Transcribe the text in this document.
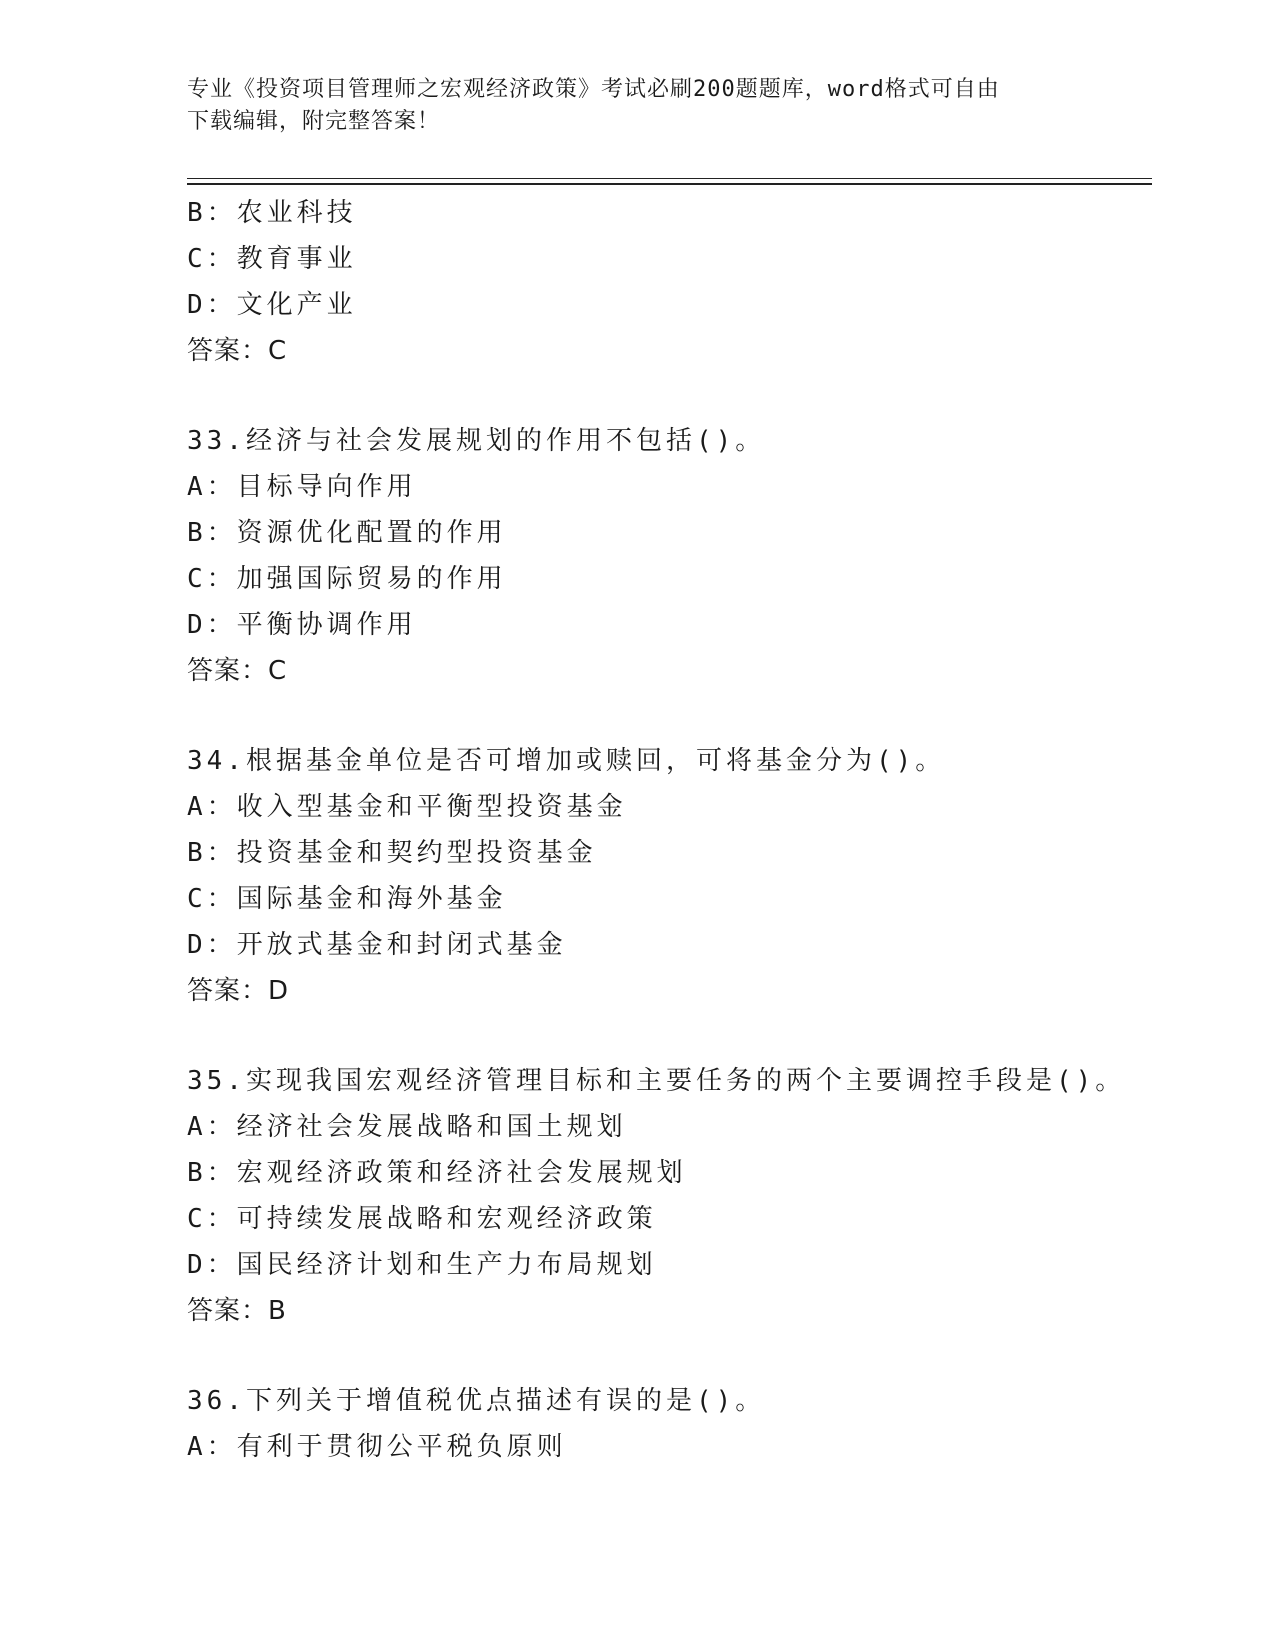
专业《投资项目管理师之宏观经济政策》考试必刷200题题库，word格式可自由
下载编辑，附完整答案！
B：农业科技
C：教育事业
D：文化产业
答案：C
33.经济与社会发展规划的作用不包括()。
A：目标导向作用
B：资源优化配置的作用
C：加强国际贸易的作用
D：平衡协调作用
答案：C
34.根据基金单位是否可增加或赎回，可将基金分为()。
A：收入型基金和平衡型投资基金
B：投资基金和契约型投资基金
C：国际基金和海外基金
D：开放式基金和封闭式基金
答案：D
35.实现我国宏观经济管理目标和主要任务的两个主要调控手段是()。
A：经济社会发展战略和国土规划
B：宏观经济政策和经济社会发展规划
C：可持续发展战略和宏观经济政策
D：国民经济计划和生产力布局规划
答案：B
36.下列关于增值税优点描述有误的是()。
A：有利于贯彻公平税负原则
